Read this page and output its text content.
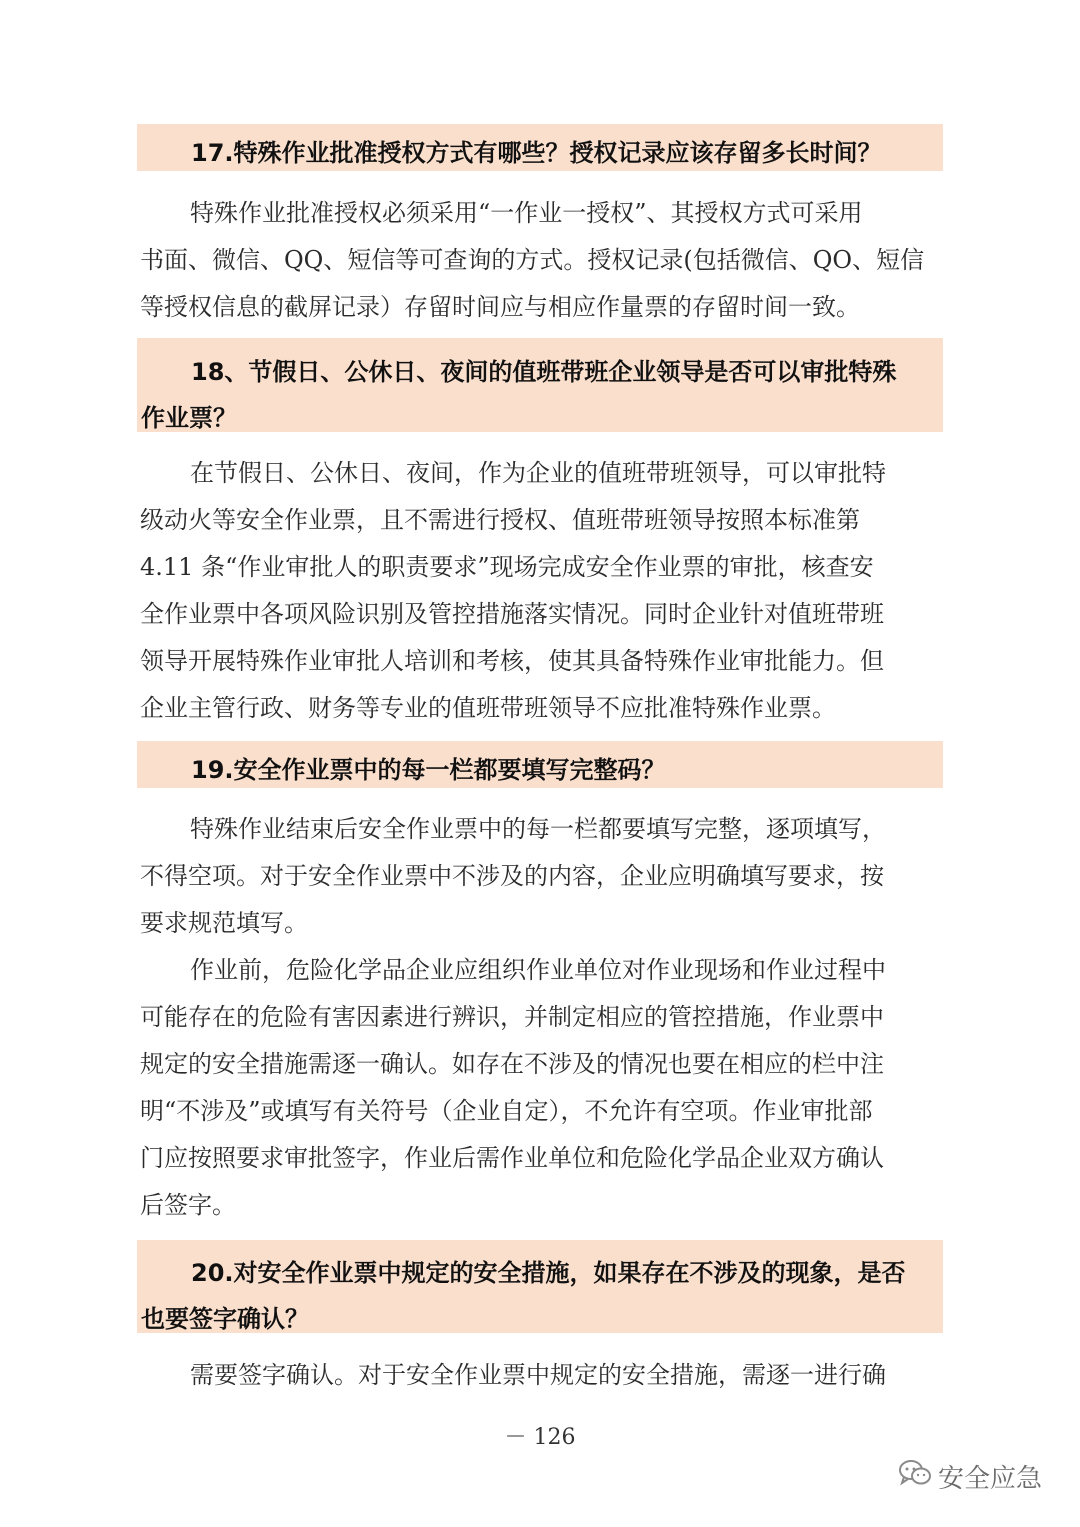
17.特殊作业批准授权方式有哪些？授权记录应该存留多长时间？
特殊作业批准授权必须采用“一作业一授权”、其授权方式可采用
书面、微信、QQ、短信等可查询的方式。授权记录(包括微信、QO、短信
等授权信息的截屏记录）存留时间应与相应作量票的存留时间一致。
18、节假日、公休日、夜间的值班带班企业领导是否可以审批特殊
作业票？
在节假日、公休日、夜间，作为企业的值班带班领导，可以审批特
级动火等安全作业票，且不需进行授权、值班带班领导按照本标准第
4.11 条“作业审批人的职责要求”现场完成安全作业票的审批，核查安
全作业票中各项风险识别及管控措施落实情况。同时企业针对值班带班
领导开展特殊作业审批人培训和考核，使其具备特殊作业审批能力。但
企业主管行政、财务等专业的值班带班领导不应批准特殊作业票。
19.安全作业票中的每一栏都要填写完整码？
特殊作业结束后安全作业票中的每一栏都要填写完整，逐项填写，
不得空项。对于安全作业票中不涉及的内容，企业应明确填写要求，按
要求规范填写。
作业前，危险化学品企业应组织作业单位对作业现场和作业过程中
可能存在的危险有害因素进行辨识，并制定相应的管控措施，作业票中
规定的安全措施需逐一确认。如存在不涉及的情况也要在相应的栏中注
明“不涉及”或填写有关符号（企业自定），不允许有空项。作业审批部
门应按照要求审批签字，作业后需作业单位和危险化学品企业双方确认
后签字。
20.对安全作业票中规定的安全措施，如果存在不涉及的现象，是否
也要签字确认？
需要签字确认。对于安全作业票中规定的安全措施，需逐一进行确
－ 126
安全应急
